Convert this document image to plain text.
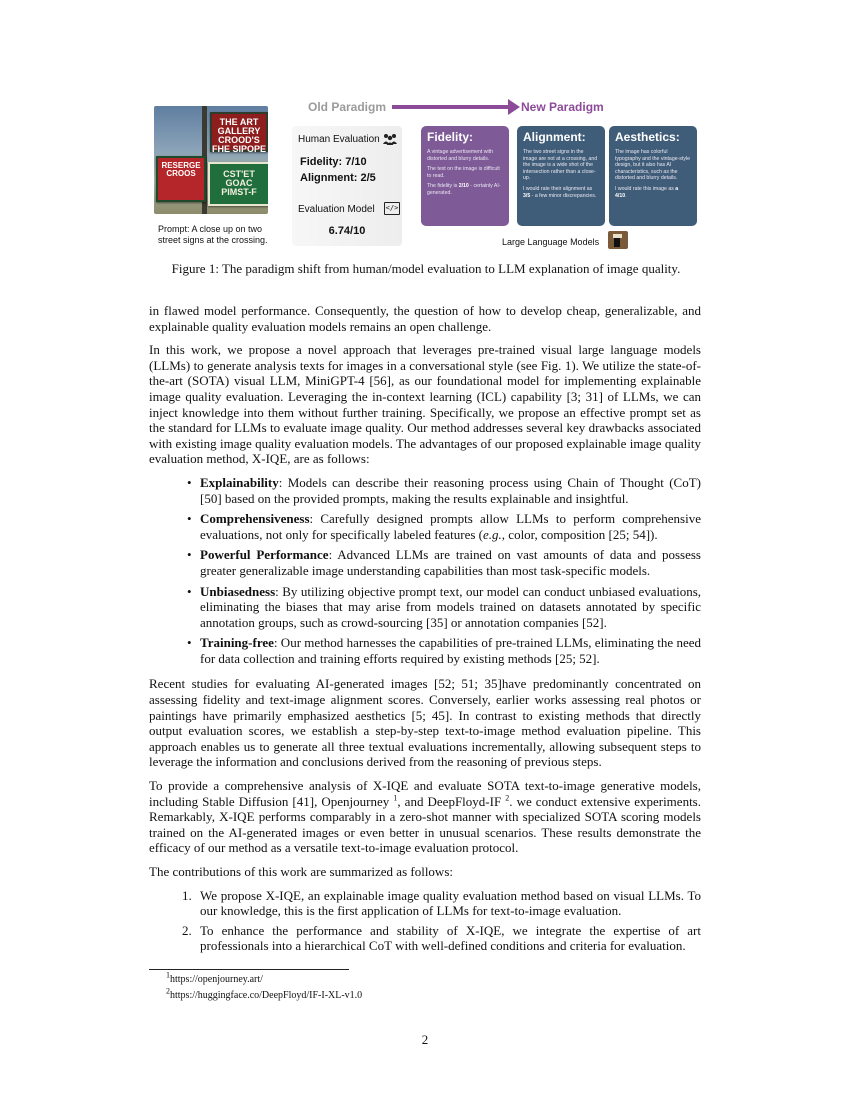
THE ART GALLERY
CROOD'S
FHE SIPOPE
RESERGE
CROOS	CST'ET GOAC
PIMST-F
Prompt: A close up on two street signs at the crossing.
Old Paradigm	New Paradigm
Human Evaluation
Fidelity: 7/10
Alignment: 2/5
Evaluation Model </>
6.74/10
Fidelity:

A vintage advertisement with distorted and blurry details.

The text on the image is difficult to read.

The fidelity is 2/10 - certainly AI-generated.

Alignment:

The two street signs in the image are not at a crossing, and the image is a wide shot of the intersection rather than a close-up.

I would rate their alignment as 3/5 - a few minor discrepancies.

Aesthetics:

The image has colorful typography and the vintage-style design, but it also has AI characteristics, such as the distorted and blurry details.

I would rate this image as a 4/10.

Large Language Models
Figure 1: The paradigm shift from human/model evaluation to LLM explanation of image quality.

in flawed model performance. Consequently, the question of how to develop cheap, generalizable, and explainable quality evaluation models remains an open challenge.

In this work, we propose a novel approach that leverages pre-trained visual large language models (LLMs) to generate analysis texts for images in a conversational style (see Fig. 1). We utilize the state-of-the-art (SOTA) visual LLM, MiniGPT-4 [56], as our foundational model for implementing explainable image quality evaluation. Leveraging the in-context learning (ICL) capability [3; 31] of LLMs, we can inject knowledge into them without further training. Specifically, we propose an effective prompt set as the standard for LLMs to evaluate image quality. Our method addresses several key drawbacks associated with existing image quality evaluation models. The advantages of our proposed explainable image quality evaluation method, X-IQE, are as follows:

• Explainability: Models can describe their reasoning process using Chain of Thought (CoT) [50] based on the provided prompts, making the results explainable and insightful.
• Comprehensiveness: Carefully designed prompts allow LLMs to perform comprehensive evaluations, not only for specifically labeled features (e.g., color, composition [25; 54]).
• Powerful Performance: Advanced LLMs are trained on vast amounts of data and possess greater generalizable image understanding capabilities than most task-specific models.
• Unbiasedness: By utilizing objective prompt text, our model can conduct unbiased evaluations, eliminating the biases that may arise from models trained on datasets annotated by specific annotation groups, such as crowd-sourcing [35] or annotation companies [52].
• Training-free: Our method harnesses the capabilities of pre-trained LLMs, eliminating the need for data collection and training efforts required by existing methods [25; 52].

Recent studies for evaluating AI-generated images [52; 51; 35]have predominantly concentrated on assessing fidelity and text-image alignment scores. Conversely, earlier works assessing real photos or paintings have primarily emphasized aesthetics [5; 45]. In contrast to existing methods that directly output evaluation scores, we establish a step-by-step text-to-image method evaluation pipeline. This approach enables us to generate all three textual evaluations incrementally, allowing subsequent steps to leverage the information and conclusions derived from the reasoning of previous steps.

To provide a comprehensive analysis of X-IQE and evaluate SOTA text-to-image generative models, including Stable Diffusion [41], Openjourney $^1$, and DeepFloyd-IF $^2$. we conduct extensive experiments. Remarkably, X-IQE performs comparably in a zero-shot manner with specialized SOTA scoring models trained on the AI-generated images or even better in unusual scenarios. These results demonstrate the efficacy of our method as a versatile text-to-image evaluation protocol.

The contributions of this work are summarized as follows:

1. We propose X-IQE, an explainable image quality evaluation method based on visual LLMs. To our knowledge, this is the first application of LLMs for text-to-image evaluation.
2. To enhance the performance and stability of X-IQE, we integrate the expertise of art professionals into a hierarchical CoT with well-defined conditions and criteria for evaluation.
$^1$https://openjourney.art/
$^2$https://huggingface.co/DeepFloyd/IF-I-XL-v1.0
2
